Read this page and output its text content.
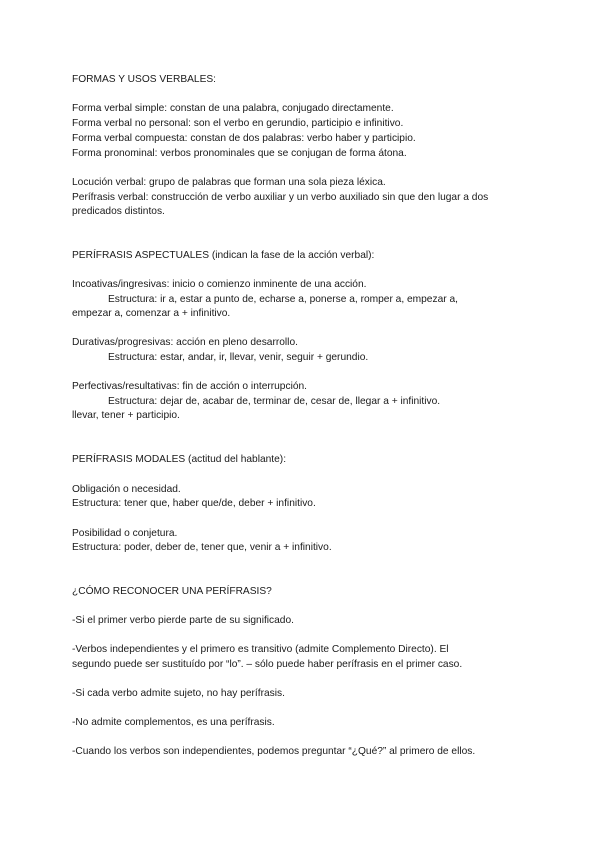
FORMAS Y USOS VERBALES:
Forma verbal simple: constan de una palabra, conjugado directamente.
Forma verbal no personal: son el verbo en gerundio, participio e infinitivo.
Forma verbal compuesta: constan de dos palabras: verbo haber y participio.
Forma pronominal: verbos pronominales que se conjugan de forma átona.
Locución verbal: grupo de palabras que forman una sola pieza léxica.
Perífrasis verbal: construcción de verbo auxiliar y un verbo auxiliado sin que den lugar a dos
predicados distintos.
PERÍFRASIS ASPECTUALES (indican la fase de la acción verbal):
Incoativas/ingresivas: inicio o comienzo inminente de una acción.
Estructura: ir a, estar a punto de, echarse a, ponerse a, romper a, empezar a,
empezar a, comenzar a + infinitivo.
Durativas/progresivas: acción en pleno desarrollo.
Estructura: estar, andar, ir, llevar, venir, seguir + gerundio.
Perfectivas/resultativas: fin de acción o interrupción.
Estructura: dejar de, acabar de, terminar de, cesar de, llegar a + infinitivo.
llevar, tener + participio.
PERÍFRASIS MODALES (actitud del hablante):
Obligación o necesidad.
Estructura: tener que, haber que/de, deber + infinitivo.
Posibilidad o conjetura.
Estructura: poder, deber de, tener que, venir a + infinitivo.
¿CÓMO RECONOCER UNA PERÍFRASIS?
-Si el primer verbo pierde parte de su significado.
-Verbos independientes y el primero es transitivo (admite Complemento Directo). El
segundo puede ser sustituído por “lo”. – sólo puede haber perífrasis en el primer caso.
-Si cada verbo admite sujeto, no hay perífrasis.
-No admite complementos, es una perífrasis.
-Cuando los verbos son independientes, podemos preguntar “¿Qué?” al primero de ellos.
